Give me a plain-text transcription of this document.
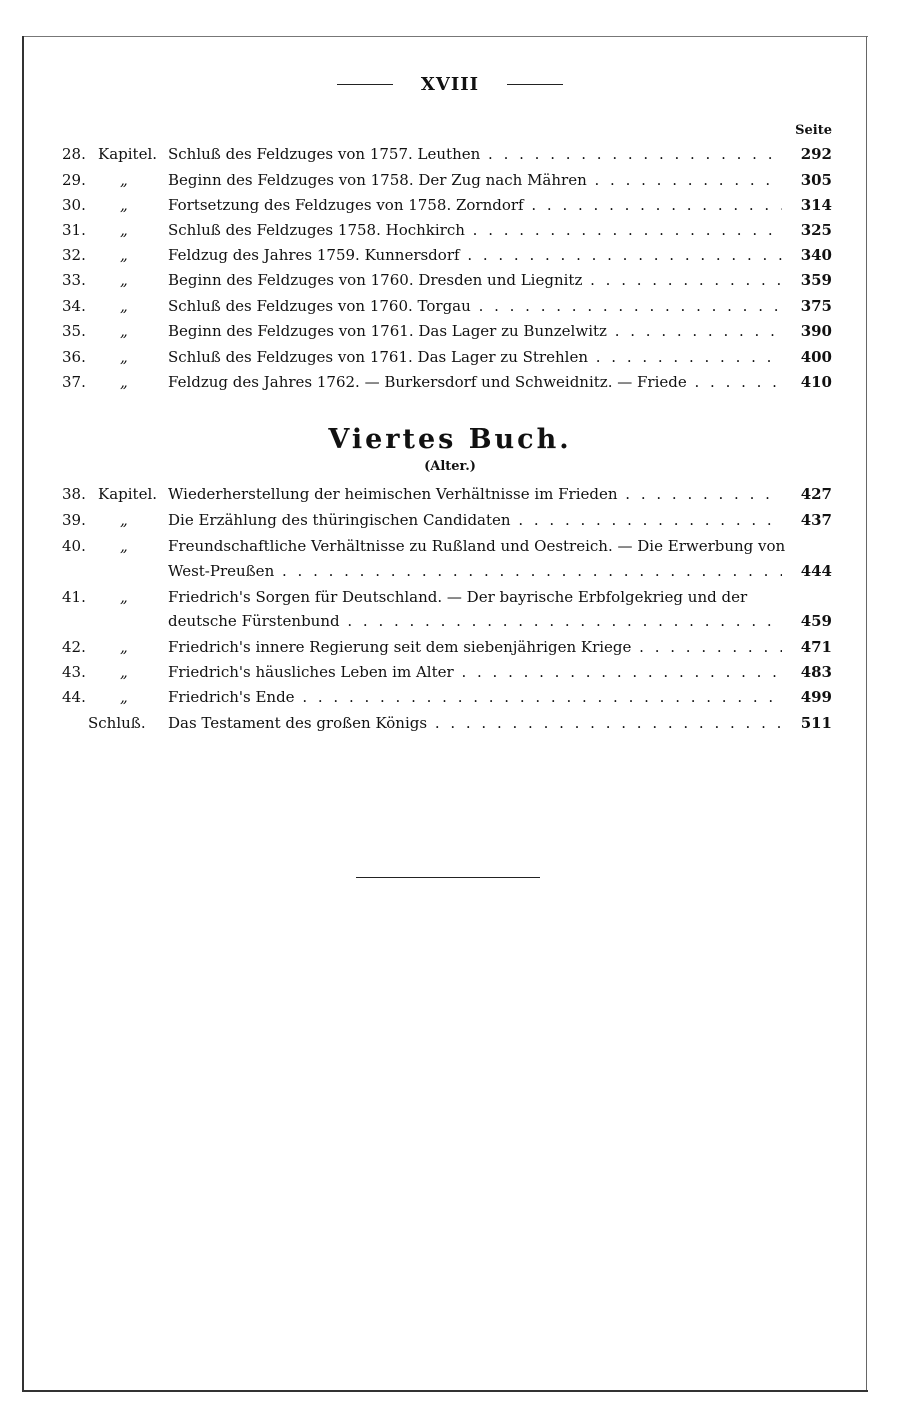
XVIII
Seite
28. Kapitel. Schluß des Feldzuges von 1757. Leuthen . . .	292
29.	„	Beginn des Feldzuges von 1758. Der Zug nach Mähren . . .	305
30.	„	Fortsetzung des Feldzuges von 1758. Zorndorf . . .	314
31.	„	Schluß des Feldzuges 1758. Hochkirch . . .	325
32.	„	Feldzug des Jahres 1759. Kunnersdorf . . .	340
33.	„	Beginn des Feldzuges von 1760. Dresden und Liegnitz . . .	359
34.	„	Schluß des Feldzuges von 1760. Torgau . . .	375
35.	„	Beginn des Feldzuges von 1761. Das Lager zu Bunzelwitz . . .	390
36.	„	Schluß des Feldzuges von 1761. Das Lager zu Strehlen . . .	400
37.	„	Feldzug des Jahres 1762. — Burkersdorf und Schweidnitz. — Friede . . .	410
Viertes Buch.
(Alter.)
38. Kapitel. Wiederherstellung der heimischen Verhältnisse im Frieden . . .	427
39.	„	Die Erzählung des thüringischen Candidaten . . .	437
40.	„	Freundschaftliche Verhältnisse zu Rußland und Oestreich. — Die Erwerbung von
West-Preußen . . .	444
41.	„	Friedrich's Sorgen für Deutschland. — Der bayrische Erbfolgekrieg und der
deutsche Fürstenbund . . .	459
42.	„	Friedrich's innere Regierung seit dem siebenjährigen Kriege . . .	471
43.	„	Friedrich's häusliches Leben im Alter . . .	483
44.	„	Friedrich's Ende . . .	499
Schluß. Das Testament des großen Königs . . .	511
